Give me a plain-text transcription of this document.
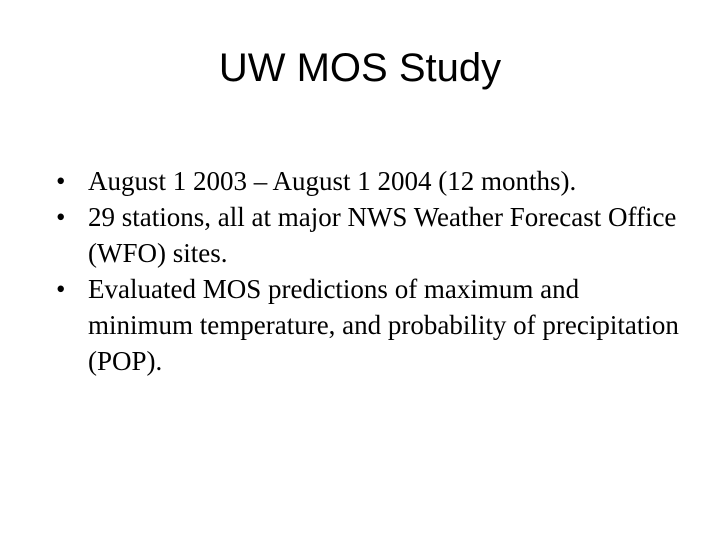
UW MOS Study
• August 1 2003 – August 1 2004 (12 months).
• 29 stations, all at major NWS Weather Forecast Office (WFO) sites.
• Evaluated MOS predictions of maximum and minimum temperature, and probability of precipitation (POP).
